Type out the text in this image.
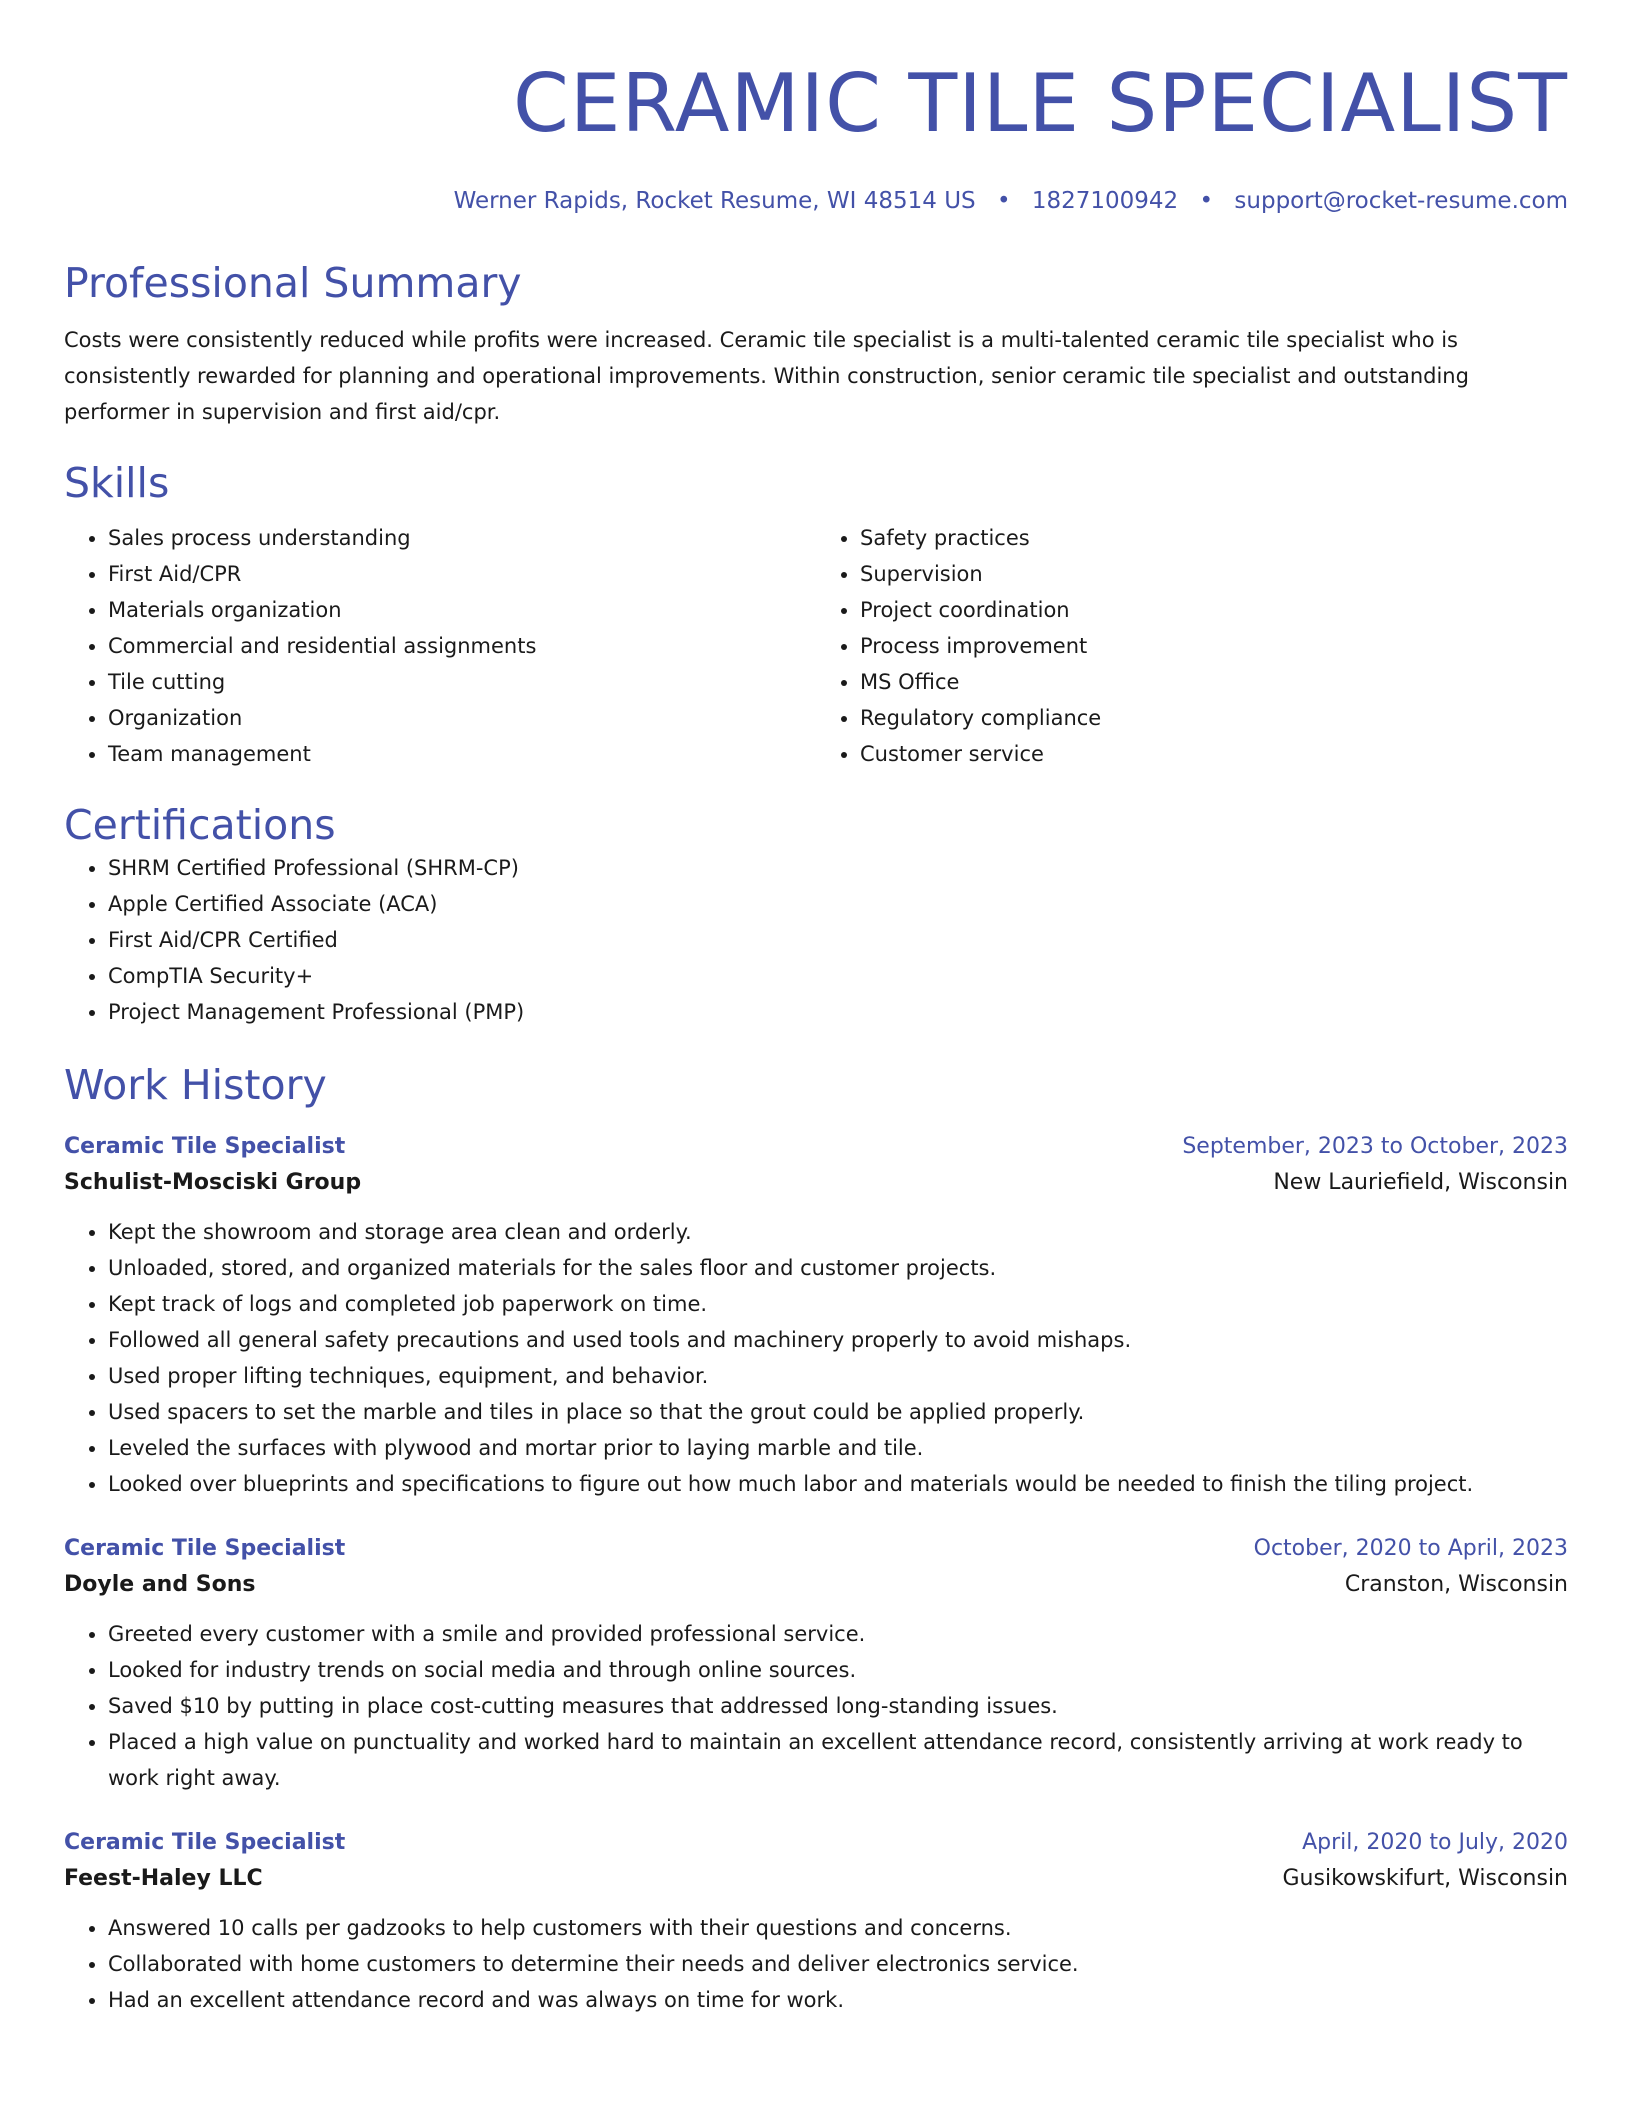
CERAMIC TILE SPECIALIST
Werner Rapids, Rocket Resume, WI 48514 US • 1827100942 • support@rocket-resume.com
Professional Summary

Costs were consistently reduced while profits were increased. Ceramic tile specialist is a multi-talented ceramic tile specialist who is consistently rewarded for planning and operational improvements. Within construction, senior ceramic tile specialist and outstanding performer in supervision and first aid/cpr.

Skills
• Sales process understanding
• First Aid/CPR
• Materials organization
• Commercial and residential assignments
• Tile cutting
• Organization
• Team management
• Safety practices
• Supervision
• Project coordination
• Process improvement
• MS Office
• Regulatory compliance
• Customer service
Certifications
• SHRM Certified Professional (SHRM-CP)
• Apple Certified Associate (ACA)
• First Aid/CPR Certified
• CompTIA Security+
• Project Management Professional (PMP)
Work History
Ceramic Tile Specialist	September, 2023 to October, 2023
Schulist-Mosciski Group	New Lauriefield, Wisconsin
• Kept the showroom and storage area clean and orderly.
• Unloaded, stored, and organized materials for the sales floor and customer projects.
• Kept track of logs and completed job paperwork on time.
• Followed all general safety precautions and used tools and machinery properly to avoid mishaps.
• Used proper lifting techniques, equipment, and behavior.
• Used spacers to set the marble and tiles in place so that the grout could be applied properly.
• Leveled the surfaces with plywood and mortar prior to laying marble and tile.
• Looked over blueprints and specifications to figure out how much labor and materials would be needed to finish the tiling project.
Ceramic Tile Specialist	October, 2020 to April, 2023
Doyle and Sons	Cranston, Wisconsin
• Greeted every customer with a smile and provided professional service.
• Looked for industry trends on social media and through online sources.
• Saved $10 by putting in place cost-cutting measures that addressed long-standing issues.
• Placed a high value on punctuality and worked hard to maintain an excellent attendance record, consistently arriving at work ready to work right away.
Ceramic Tile Specialist	April, 2020 to July, 2020
Feest-Haley LLC	Gusikowskifurt, Wisconsin
• Answered 10 calls per gadzooks to help customers with their questions and concerns.
• Collaborated with home customers to determine their needs and deliver electronics service.
• Had an excellent attendance record and was always on time for work.
